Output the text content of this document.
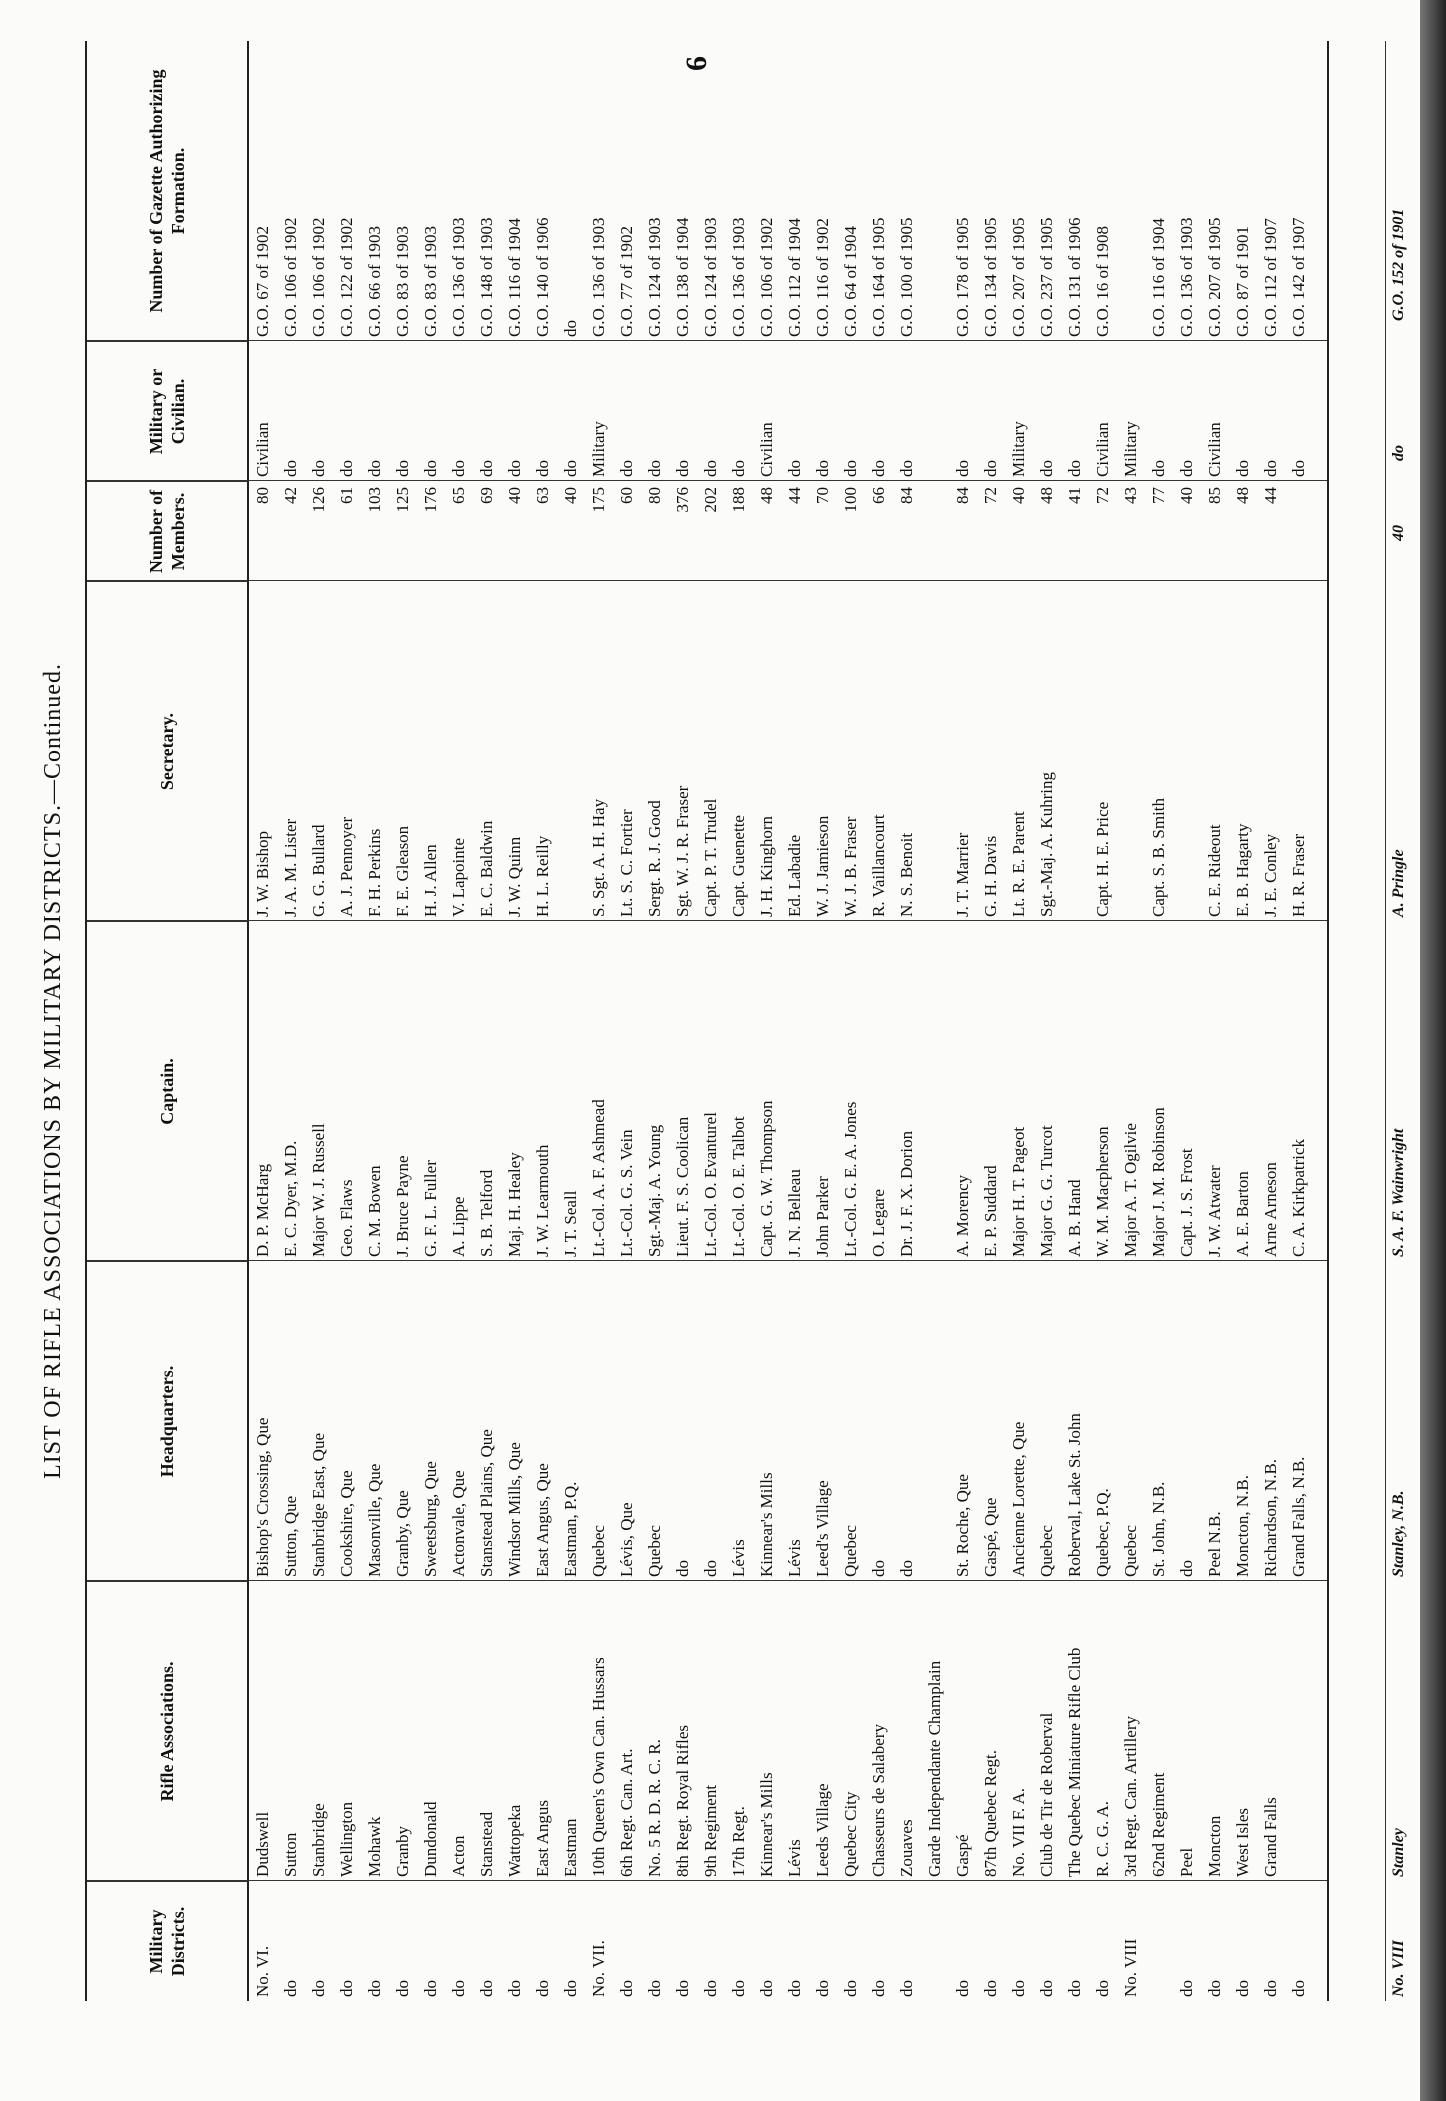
6
LIST OF RIFLE ASSOCIATIONS BY MILITARY DISTRICTS.—Continued.
Military Districts.
Rifle Associations.
Headquarters.
Captain.
Secretary.
Number of Members.
Military or Civilian.
Number of Gazette Authorizing Formation.
No. VI.
Dudswell
Bishop's Crossing, Que
D. P. McHarg
J. W. Bishop
80
Civilian
G.O. 67 of 1902
do
Sutton
Sutton, Que
E. C. Dyer, M.D.
J. A. M. Lister
42
do
G.O. 106 of 1902
do
Stanbridge
Stanbridge East, Que
Major W. J. Russell
G. G. Bullard
126
do
G.O. 106 of 1902
do
Wellington
Cookshire, Que
Geo. Flaws
A. J. Pennoyer
61
do
G.O. 122 of 1902
do
Mohawk
Masonville, Que
C. M. Bowen
F. H. Perkins
103
do
G.O. 66 of 1903
do
Granby
Granby, Que
J. Bruce Payne
F. E. Gleason
125
do
G.O. 83 of 1903
do
Dundonald
Sweetsburg, Que
G. F. L. Fuller
H. J. Allen
176
do
G.O. 83 of 1903
do
Acton
Actonvale, Que
A. Lippe
V. Lapointe
65
do
G.O. 136 of 1903
do
Stanstead
Stanstead Plains, Que
S. B. Telford
E. C. Baldwin
69
do
G.O. 148 of 1903
do
Wattopeka
Windsor Mills, Que
Maj. H. Healey
J. W. Quinn
40
do
G.O. 116 of 1904
do
East Angus
East Angus, Que
J. W. Learmouth
H. L. Reilly
63
do
G.O. 140 of 1906
do
Eastman
Eastman, P.Q.
J. T. Seall
40
do
do
No. VII.
10th Queen's Own Can. Hussars
Quebec
Lt.-Col. A. F. Ashmead
S. Sgt. A. H. Hay
175
Military
G.O. 136 of 1903
do
6th Regt. Can. Art.
Lévis, Que
Lt.-Col. G. S. Vein
Lt. S. C. Fortier
60
do
G.O. 77 of 1902
do
No. 5 R. D. R. C. R.
Quebec
Sgt.-Maj. A. Young
Sergt. R. J. Good
80
do
G.O. 124 of 1903
do
8th Regt. Royal Rifles
do
Lieut. F. S. Coolican
Sgt. W. J. R. Fraser
376
do
G.O. 138 of 1904
do
9th Regiment
do
Lt.-Col. O. Evanturel
Capt. P. T. Trudel
202
do
G.O. 124 of 1903
do
17th Regt.
Lévis
Lt.-Col. O. E. Talbot
Capt. Guenette
188
do
G.O. 136 of 1903
do
Kinnear's Mills
Kinnear's Mills
Capt. G. W. Thompson
J. H. Kinghorn
48
Civilian
G.O. 106 of 1902
do
Lévis
Lévis
J. N. Belleau
Ed. Labadie
44
do
G.O. 112 of 1904
do
Leeds Village
Leed's Village
John Parker
W. J. Jamieson
70
do
G.O. 116 of 1902
do
Quebec City
Quebec
Lt.-Col. G. E. A. Jones
W. J. B. Fraser
100
do
G.O. 64 of 1904
do
Chasseurs de Salabery
do
O. Legare
R. Vaillancourt
66
do
G.O. 164 of 1905
do
Zouaves
do
Dr. J. F. X. Dorion
N. S. Benoit
84
do
G.O. 100 of 1905
Garde Independante Champlain
do
Gaspé
St. Roche, Que
A. Morency
J. T. Marrier
84
do
G.O. 178 of 1905
do
87th Quebec Regt.
Gaspé, Que
E. P. Suddard
G. H. Davis
72
do
G.O. 134 of 1905
do
No. VII F. A.
Ancienne Lorette, Que
Major H. T. Pageot
Lt. R. E. Parent
40
Military
G.O. 207 of 1905
do
Club de Tir de Roberval
Quebec
Major G. G. Turcot
Sgt.-Maj. A. Kuhring
48
do
G.O. 237 of 1905
do
The Quebec Miniature Rifle Club
Roberval, Lake St. John
A. B. Hand
41
do
G.O. 131 of 1906
do
R. C. G. A.
Quebec, P.Q.
W. M. Macpherson
Capt. H. E. Price
72
Civilian
G.O. 16 of 1908
No. VIII
3rd Regt. Can. Artillery
Quebec
Major A. T. Ogilvie
43
Military
62nd Regiment
St. John, N.B.
Major J. M. Robinson
Capt. S. B. Smith
77
do
G.O. 116 of 1904
do
Peel
do
Capt. J. S. Frost
40
do
G.O. 136 of 1903
do
Moncton
Peel N.B.
J. W. Atwater
C. E. Rideout
85
Civilian
G.O. 207 of 1905
do
West Isles
Moncton, N.B.
A. E. Barton
E. B. Hagarty
48
do
G.O. 87 of 1901
do
Grand Falls
Richardson, N.B.
Arne Arneson
J. E. Conley
44
do
G.O. 112 of 1907
do
Grand Falls, N.B.
C. A. Kirkpatrick
H. R. Fraser
do
G.O. 142 of 1907
No. VIII
Stanley
Stanley, N.B.
S. A. F. Wainwright
A. Pringle
40
do
G.O. 152 of 1901
